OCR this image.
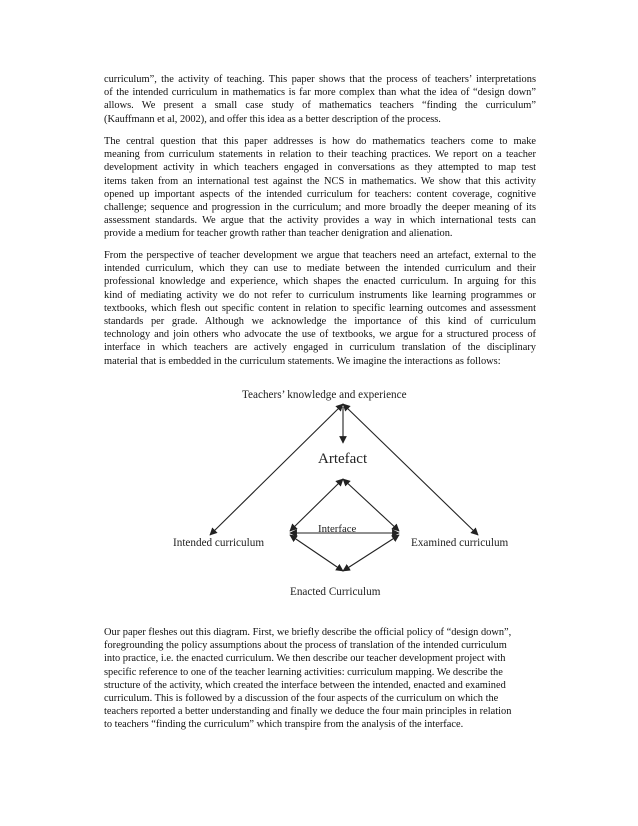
curriculum”, the activity of teaching. This paper shows that the process of teachers’ interpretations
of the intended curriculum in mathematics is far more complex than what the idea of “design down”
allows. We present a small case study of mathematics teachers “finding the curriculum”
(Kauffmann et al, 2002), and offer this idea as a better description of the process.
The central question that this paper addresses is how do mathematics teachers come to make
meaning from curriculum statements in relation to their teaching practices. We report on a teacher
development activity in which teachers engaged in conversations as they attempted to map test
items taken from an international test against the NCS in mathematics. We show that this activity
opened up important aspects of the intended curriculum for teachers: content coverage, cognitive
challenge; sequence and progression in the curriculum; and more broadly the deeper meaning of its
assessment standards. We argue that the activity provides a way in which international tests can
provide a medium for teacher growth rather than teacher denigration and alienation.
From the perspective of teacher development we argue that teachers need an artefact, external to the
intended curriculum, which they can use to mediate between the intended curriculum and their
professional knowledge and experience, which shapes the enacted curriculum. In arguing for this
kind of mediating activity we do not refer to curriculum instruments like learning programmes or
textbooks, which flesh out specific content in relation to specific learning outcomes and assessment
standards per grade. Although we acknowledge the importance of this kind of curriculum
technology and join others who advocate the use of textbooks, we argue for a structured process of
interface in which teachers are actively engaged in curriculum translation of the disciplinary
material that is embedded in the curriculum statements. We imagine the interactions as follows:
Teachers’ knowledge and experience
Artefact
Interface
Intended curriculum	Examined curriculum
Enacted Curriculum
Our paper fleshes out this diagram. First, we briefly describe the official policy of “design down”,
foregrounding the policy assumptions about the process of translation of the intended curriculum
into practice, i.e. the enacted curriculum. We then describe our teacher development project with
specific reference to one of the teacher learning activities: curriculum mapping. We describe the
structure of the activity, which created the interface between the intended, enacted and examined
curriculum. This is followed by a discussion of the four aspects of the curriculum on which the
teachers reported a better understanding and finally we deduce the four main principles in relation
to teachers “finding the curriculum” which transpire from the analysis of the interface.
